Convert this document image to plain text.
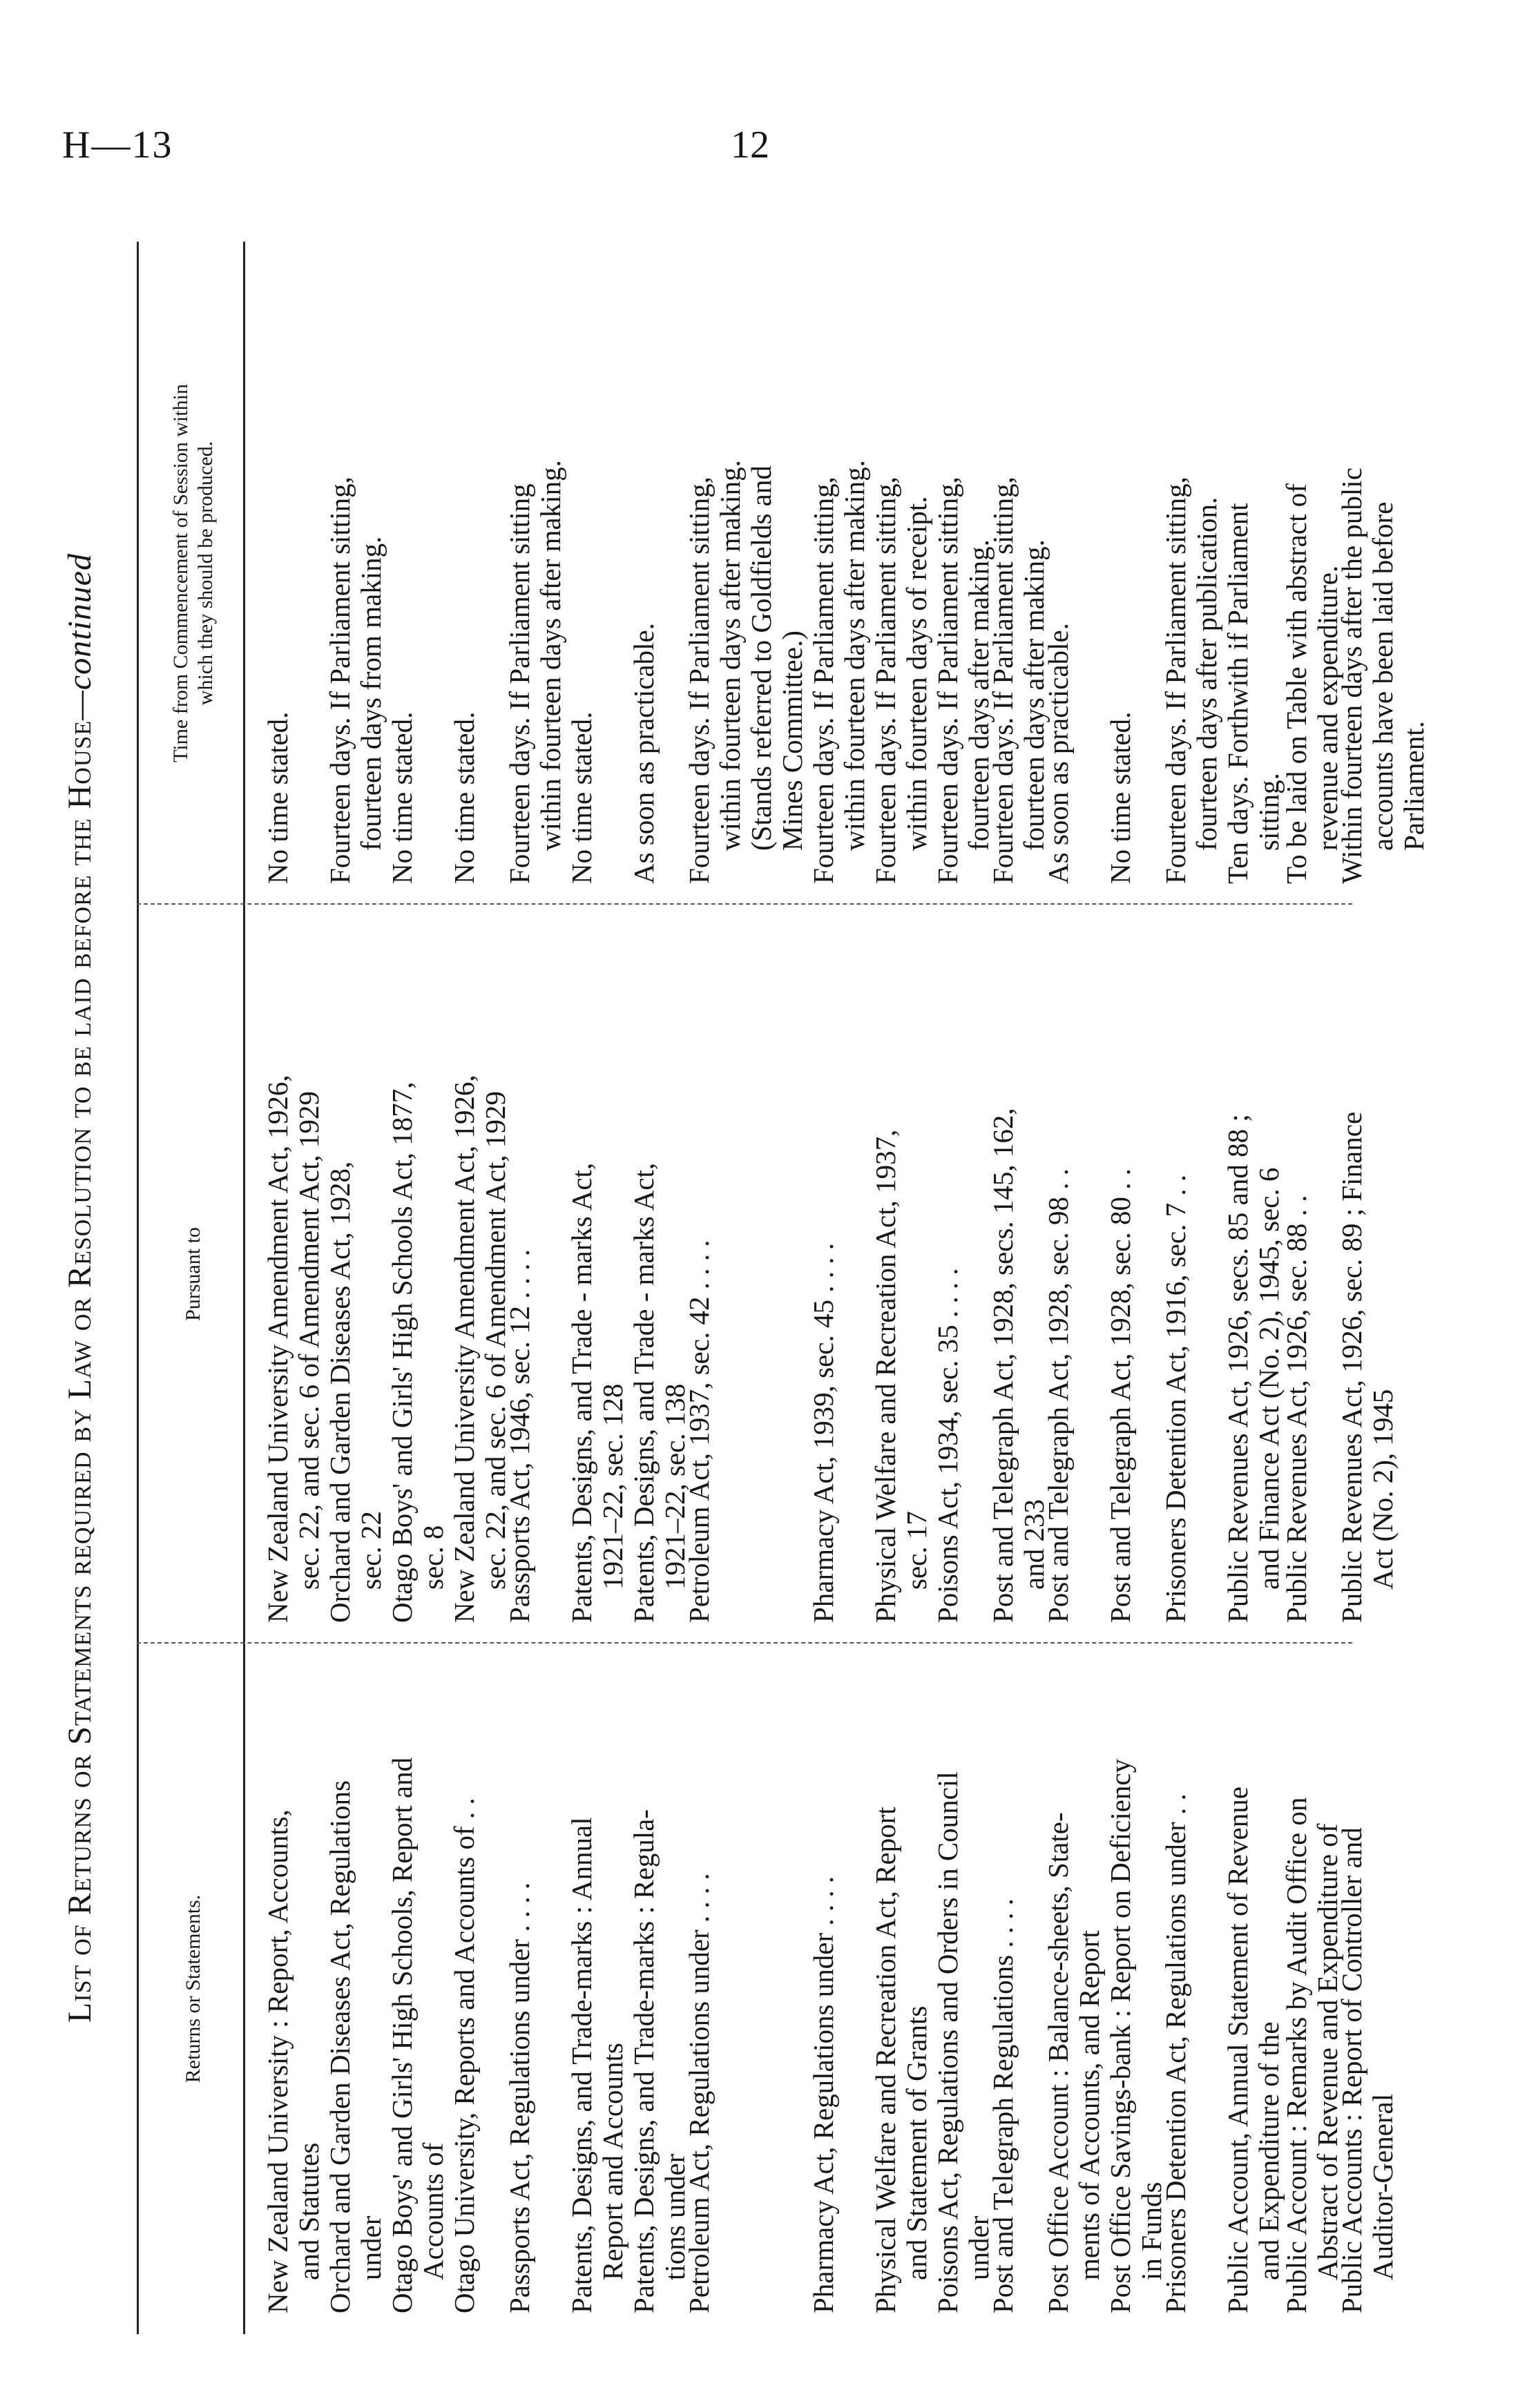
H—13	12
List of Returns or Statements required by Law or Resolution to be laid before the House—continued
Returns or Statements.
Pursuant to
Time from Commencement of Session within which they should be produced.
New Zealand University : Report, Accounts, and Statutes
New Zealand University Amendment Act, 1926, sec. 22, and sec. 6 of Amendment Act, 1929
No time stated.
Orchard and Garden Diseases Act, Regulations under
Orchard and Garden Diseases Act, 1928, sec. 22
Fourteen days. If Parliament sitting, fourteen days from making.
Otago Boys' and Girls' High Schools, Report and Accounts of
Otago Boys' and Girls' High Schools Act, 1877, sec. 8
No time stated.
Otago University, Reports and Accounts of . .
New Zealand University Amendment Act, 1926, sec. 22, and sec. 6 of Amendment Act, 1929
No time stated.
Passports Act, Regulations under . . . .
Passports Act, 1946, sec. 12 . . . .
Fourteen days. If Parliament sitting within fourteen days after making.
Patents, Designs, and Trade-marks : Annual Report and Accounts
Patents, Designs, and Trade - marks Act, 1921–22, sec. 128
No time stated.
Patents, Designs, and Trade-marks : Regula- tions under
Patents, Designs, and Trade - marks Act, 1921–22, sec. 138
As soon as practicable.
Petroleum Act, Regulations under . . . .
Petroleum Act, 1937, sec. 42 . . . .
Fourteen days. If Parliament sitting, within fourteen days after making. (Stands referred to Goldfields and Mines Committee.)
Pharmacy Act, Regulations under . . . .
Pharmacy Act, 1939, sec. 45 . . . .
Fourteen days. If Parliament sitting, within fourteen days after making.
Physical Welfare and Recreation Act, Report and Statement of Grants
Physical Welfare and Recreation Act, 1937, sec. 17
Fourteen days. If Parliament sitting, within fourteen days of receipt.
Poisons Act, Regulations and Orders in Council under
Poisons Act, 1934, sec. 35 . . . .
Fourteen days. If Parliament sitting, fourteen days after making.
Post and Telegraph Regulations . . . .
Post and Telegraph Act, 1928, secs. 145, 162, and 233
Fourteen days. If Parliament sitting, fourteen days after making.
Post Office Account : Balance-sheets, State- ments of Accounts, and Report
Post and Telegraph Act, 1928, sec. 98 . .
As soon as practicable.
Post Office Savings-bank : Report on Deficiency in Funds
Post and Telegraph Act, 1928, sec. 80 . .
No time stated.
Prisoners Detention Act, Regulations under . .
Prisoners Detention Act, 1916, sec. 7 . .
Fourteen days. If Parliament sitting, fourteen days after publication.
Public Account, Annual Statement of Revenue and Expenditure of the
Public Revenues Act, 1926, secs. 85 and 88 ; and Finance Act (No. 2), 1945, sec. 6
Ten days. Forthwith if Parliament sitting.
Public Account : Remarks by Audit Office on Abstract of Revenue and Expenditure of
Public Revenues Act, 1926, sec. 88 . .
To be laid on Table with abstract of revenue and expenditure.
Public Accounts : Report of Controller and Auditor-General
Public Revenues Act, 1926, sec. 89 ; Finance Act (No. 2), 1945
Within fourteen days after the public accounts have been laid before Parliament.
